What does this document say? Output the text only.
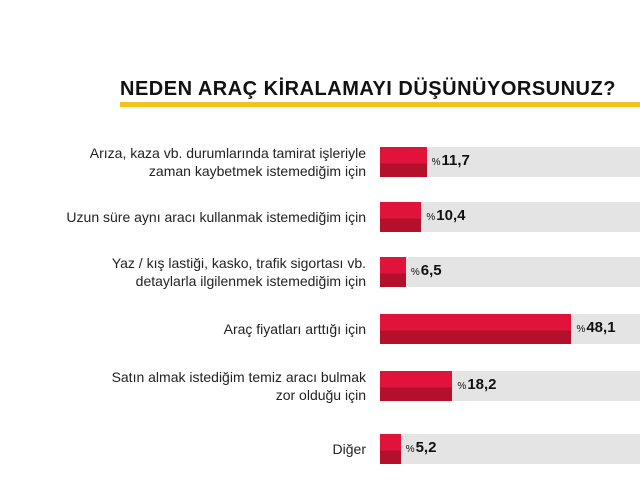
NEDEN ARAÇ KİRALAMAYI DÜŞÜNÜYORSUNUZ?
%11,7
Arıza, kaza vb. durumlarında tamirat işleriyle
zaman kaybetmek istemediğim için
%10,4
Uzun süre aynı aracı kullanmak istemediğim için
%6,5
Yaz / kış lastiği, kasko, trafik sigortası vb.
detaylarla ilgilenmek istemediğim için
%48,1
Araç fiyatları arttığı için
%18,2
Satın almak istediğim temiz aracı bulmak
zor olduğu için
%5,2
Diğer
